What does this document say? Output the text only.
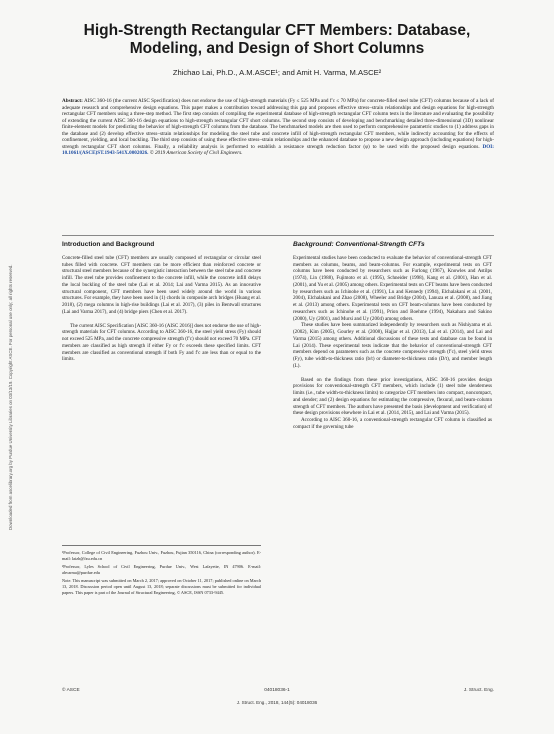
High-Strength Rectangular CFT Members: Database,
Modeling, and Design of Short Columns
Zhichao Lai, Ph.D., A.M.ASCE¹; and Amit H. Varma, M.ASCE²
Abstract: AISC 360-16 (the current AISC Specification) does not endorse the use of high-strength materials (Fy ≤ 525 MPa and f′c ≤ 70 MPa) for concrete-filled steel tube (CFT) columns because of a lack of adequate research and comprehensive design equations. This paper makes a contribution toward addressing this gap and proposes effective stress–strain relationships and design equations for high-strength rectangular CFT members using a three-step method. The first step consists of compiling the experimental database of high-strength rectangular CFT column tests in the literature and evaluating the possibility of extending the current AISC 360-16 design equations to high-strength rectangular CFT short columns. The second step consists of developing and benchmarking detailed three-dimensional (3D) nonlinear finite-element models for predicting the behavior of high-strength CFT columns from the database. The benchmarked models are then used to perform comprehensive parametric studies to (1) address gaps in the database and (2) develop effective stress–strain relationships for modeling the steel tube and concrete infill of high-strength rectangular CFT members, while indirectly accounting for the effects of confinement, yielding, and local buckling. The third step consists of using these effective stress–strain relationships and the enhanced database to propose a new design approach (including equations) for high-strength rectangular CFT short columns. Finally, a reliability analysis is performed to establish a resistance strength reduction factor (φ) to be used with the proposed design equations. DOI: 10.1061/(ASCE)ST.1943-541X.0002026. © 2019 American Society of Civil Engineers.
Downloaded from ascelibrary.org by Purdue University Libraries on 03/13/19. Copyright ASCE. For personal use only; all rights reserved.
Introduction and Background

Concrete-filled steel tube (CFT) members are usually composed of rectangular or circular steel tubes filled with concrete. CFT members can be more efficient than reinforced concrete or structural steel members because of the synergistic interaction between the steel tube and concrete infill. The steel tube provides confinement to the concrete infill, while the concrete infill delays the local buckling of the steel tube (Lai et al. 2014; Lai and Varma 2015). As an innovative structural component, CFT members have been used widely around the world in various structures. For example, they have been used in (1) chords in composite arch bridges (Huang et al. 2018), (2) mega columns in high-rise buildings (Lai et al. 2017), (3) piles in Bentwall structures (Lai and Varma 2017), and (4) bridge piers (Chen et al. 2017).

The current AISC Specification [AISC 360-16 (AISC 2016)] does not endorse the use of high-strength materials for CFT columns. According to AISC 360-16, the steel yield stress (Fy) should not exceed 525 MPa, and the concrete compressive strength (f′c) should not exceed 70 MPa. CFT members are classified as high strength if either Fy or f′c exceeds these specified limits. CFT members are classified as conventional strength if both Fy and f′c are less than or equal to the limits.

¹Professor, College of Civil Engineering, Fuzhou Univ., Fuzhou, Fujian 350116, China (corresponding author). E-mail: laizh@fzu.edu.cn

²Professor, Lyles School of Civil Engineering, Purdue Univ., West Lafayette, IN 47906. E-mail: ahvarma@purdue.edu

Note. This manuscript was submitted on March 2, 2017; approved on October 11, 2017; published online on March 13, 2018. Discussion period open until August 13, 2018; separate discussions must be submitted for individual papers. This paper is part of the Journal of Structural Engineering, © ASCE, ISSN 0733-9445.

Background: Conventional-Strength CFTs

Experimental studies have been conducted to evaluate the behavior of conventional-strength CFT members as columns, beams, and beam-columns. For example, experimental tests on CFT columns have been conducted by researchers such as Furlong (1967), Knowles and Astilps (1974), Lin (1988), Fujimoto et al. (1995), Schneider (1998), Kang et al. (2001), Han et al. (2001), and Yu et al. (2005) among others. Experimental tests on CFT beams have been conducted by researchers such as Ichinohe et al. (1991), Lu and Kennedy (1994), Elchalakani et al. (2001, 2004), Elchalakani and Zhao (2008), Wheeler and Bridge (2004), Lanuza et al. (2008), and Jiang et al. (2013) among others. Experimental tests on CFT beam-columns have been conducted by researchers such as Ichinohe et al. (1991), Prion and Boehme (1994), Nakahara and Sakino (2000), Uy (2001), and Mursi and Uy (2004) among others.

These studies have been summarized independently by researchers such as Nishiyama et al. (2002), Kim (2005), Gourley et al. (2008), Hajjar et al. (2013), Lai et al. (2014), and Lai and Varma (2015) among others. Additional discussions of these tests and database can be found in Lai (2014). These experimental tests indicate that the behavior of conventional-strength CFT members depend on parameters such as the concrete compressive strength (f′c), steel yield stress (Fy), tube width-to-thickness ratio (b/t) or diameter-to-thickness ratio (D/t), and member length (L).

Based on the findings from these prior investigations, AISC 360-16 provides design provisions for conventional-strength CFT members, which include (1) steel tube slenderness limits (i.e., tube width-to-thickness limits) to categorize CFT members into compact, noncompact, and slender; and (2) design equations for estimating the compressive, flexural, and beam-column strength of CFT members. The authors have presented the basis (development and verification) of these design provisions elsewhere in Lai et al. (2014, 2015), and Lai and Varma (2015).

According to AISC 360-16, a conventional-strength rectangular CFT column is classified as compact if the governing tube

© ASCE	04018036-1	J. Struct. Eng.
J. Struct. Eng., 2018, 144(5): 04018036
